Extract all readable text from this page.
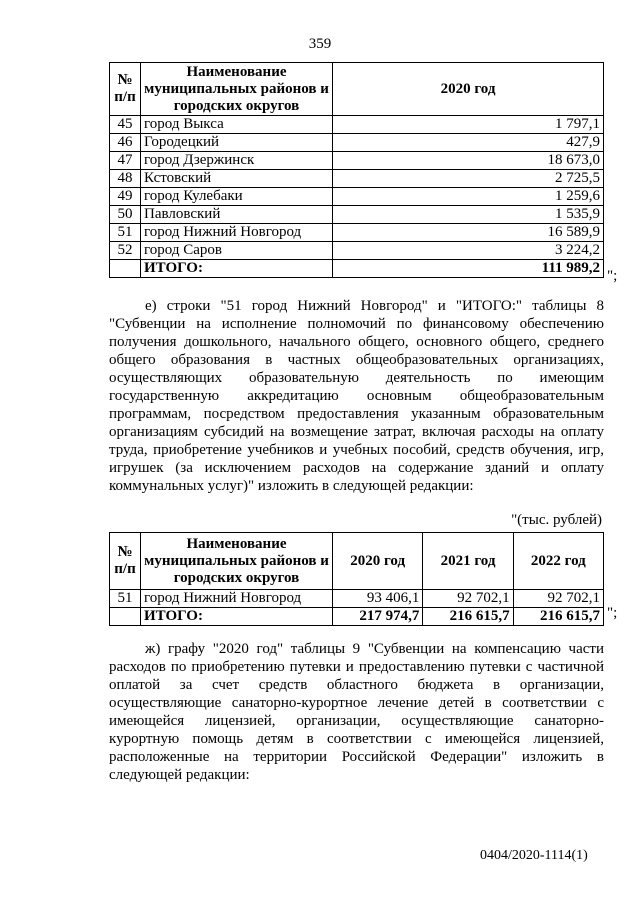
359
№ п/п	Наименование муниципальных районов и городских округов	2020 год
45	город Выкса	1 797,1
46	Городецкий	427,9
47	город Дзержинск	18 673,0
48	Кстовский	2 725,5
49	город Кулебаки	1 259,6
50	Павловский	1 535,9
51	город Нижний Новгород	16 589,9
52	город Саров	3 224,2
	ИТОГО:	111 989,2 ";

е) строки "51 город Нижний Новгород" и "ИТОГО:" таблицы 8 "Субвенции на исполнение полномочий по финансовому обеспечению получения дошкольного, начального общего, основного общего, среднего общего образования в частных общеобразовательных организациях, осуществляющих образовательную деятельность по имеющим государственную аккредитацию основным общеобразовательным программам, посредством предоставления указанным образовательным организациям субсидий на возмещение затрат, включая расходы на оплату труда, приобретение учебников и учебных пособий, средств обучения, игр, игрушек (за исключением расходов на содержание зданий и оплату коммунальных услуг)" изложить в следующей редакции:

"(тыс. рублей)
№ п/п	Наименование муниципальных районов и городских округов	2020 год	2021 год	2022 год
51	город Нижний Новгород	93 406,1	92 702,1	92 702,1
	ИТОГО:	217 974,7	216 615,7	216 615,7 ";

ж) графу "2020 год" таблицы 9 "Субвенции на компенсацию части расходов по приобретению путевки и предоставлению путевки с частичной оплатой за счет средств областного бюджета в организации, осуществляющие санаторно-курортное лечение детей в соответствии с имеющейся лицензией, организации, осуществляющие санаторно-курортную помощь детям в соответствии с имеющейся лицензией, расположенные на территории Российской Федерации" изложить в следующей редакции:

0404/2020-1114(1)
